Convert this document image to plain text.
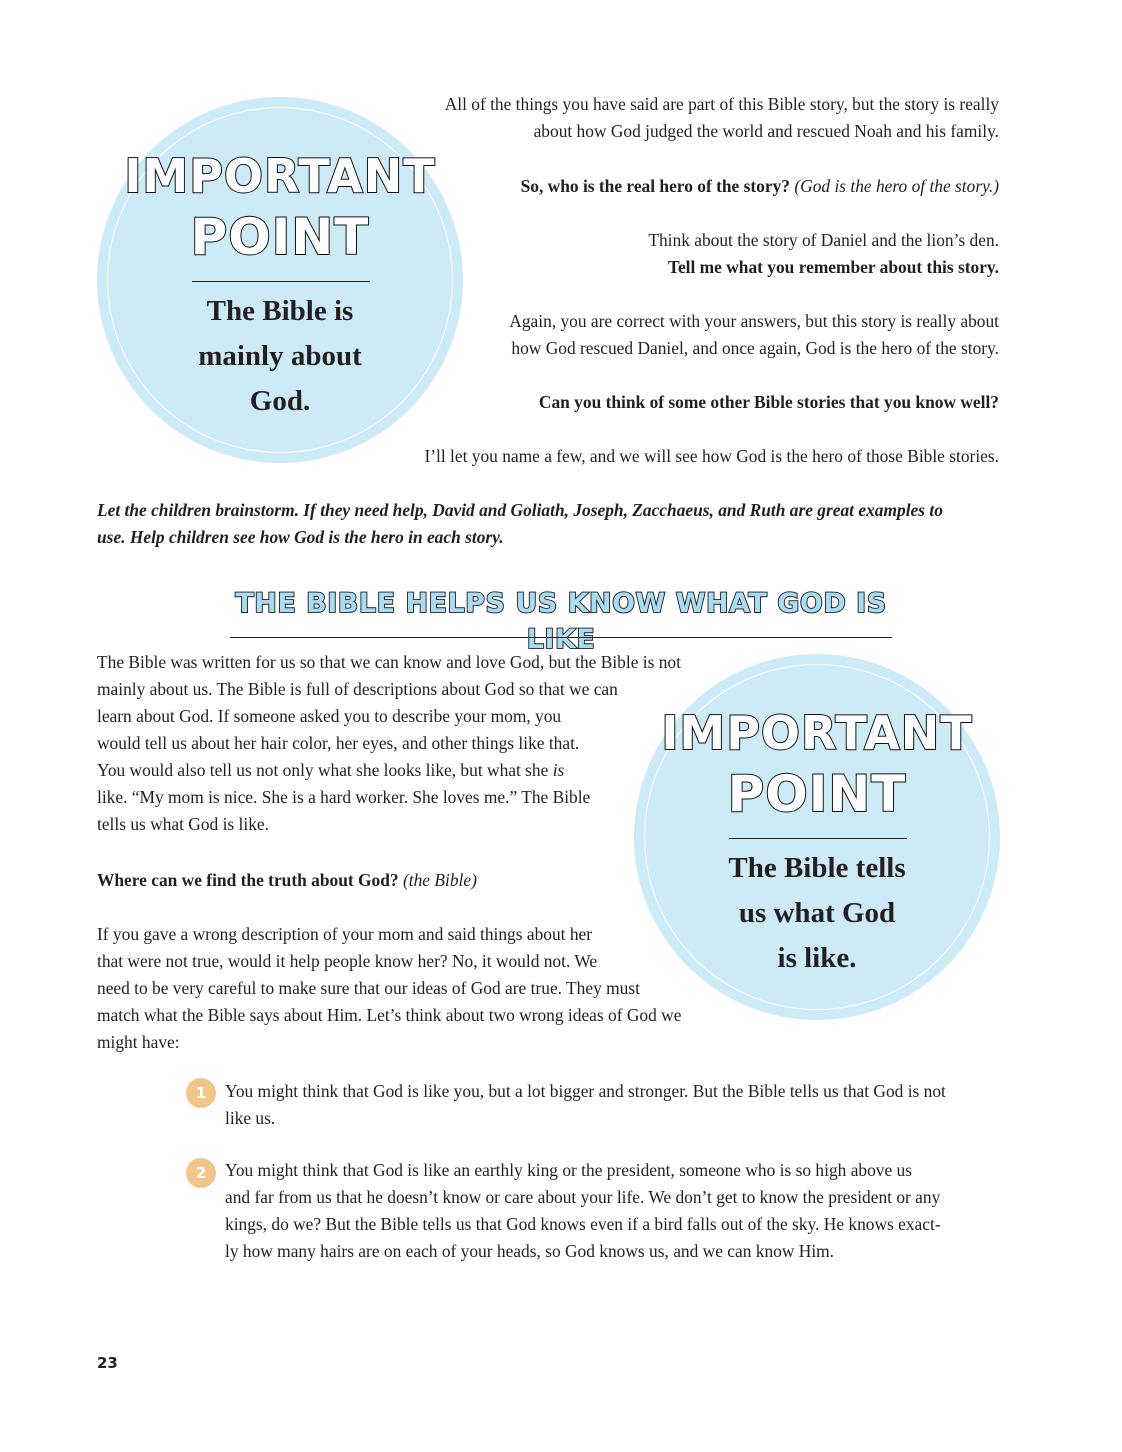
IMPORTANT
POINT
The Bible is
mainly about
God.
All of the things you have said are part of this Bible story, but the story is really
about how God judged the world and rescued Noah and his family.
So, who is the real hero of the story? (God is the hero of the story.)
Think about the story of Daniel and the lion’s den.
Tell me what you remember about this story.
Again, you are correct with your answers, but this story is really about
how God rescued Daniel, and once again, God is the hero of the story.
Can you think of some other Bible stories that you know well?
I’ll let you name a few, and we will see how God is the hero of those Bible stories.
Let the children brainstorm. If they need help, David and Goliath, Joseph, Zacchaeus, and Ruth are great examples to
use. Help children see how God is the hero in each story.
THE BIBLE HELPS US KNOW WHAT GOD IS LIKE
The Bible was written for us so that we can know and love God, but the Bible is not
mainly about us. The Bible is full of descriptions about God so that we can
learn about God. If someone asked you to describe your mom, you
would tell us about her hair color, her eyes, and other things like that.
You would also tell us not only what she looks like, but what she is
like. “My mom is nice. She is a hard worker. She loves me.” The Bible
tells us what God is like.
Where can we find the truth about God? (the Bible)
If you gave a wrong description of your mom and said things about her
that were not true, would it help people know her? No, it would not. We
need to be very careful to make sure that our ideas of God are true. They must
match what the Bible says about Him. Let’s think about two wrong ideas of God we
might have:
IMPORTANT
POINT
The Bible tells
us what God
is like.
1	You might think that God is like you, but a lot bigger and stronger. But the Bible tells us that God is not
like us.
2	You might think that God is like an earthly king or the president, someone who is so high above us
and far from us that he doesn’t know or care about your life. We don’t get to know the president or any
kings, do we? But the Bible tells us that God knows even if a bird falls out of the sky. He knows exact-
ly how many hairs are on each of your heads, so God knows us, and we can know Him.
23
